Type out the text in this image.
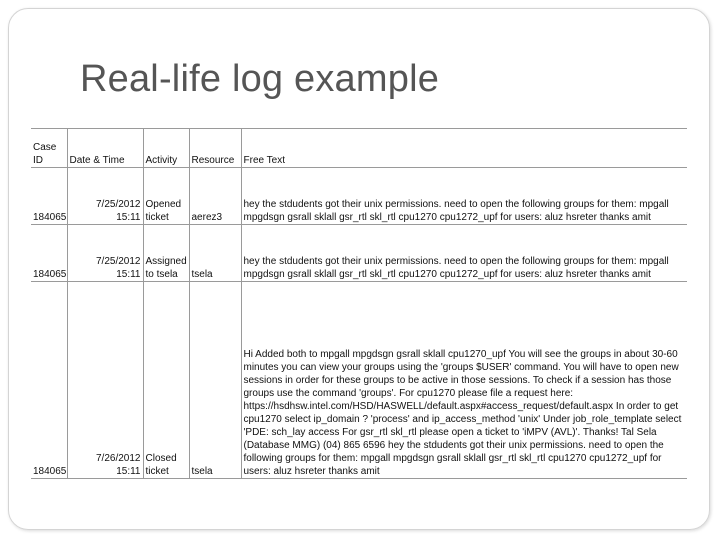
Real-life log example
Case ID	Date & Time	Activity	Resource	Free Text
184065	7/25/2012 15:11	Opened ticket	aerez3	hey the stdudents got their unix permissions. need to open the following groups for them: mpgall mpgdsgn gsrall sklall gsr_rtl skl_rtl cpu1270 cpu1272_upf for users: aluz hsreter thanks amit
184065	7/25/2012 15:11	Assigned to tsela	tsela	hey the stdudents got their unix permissions. need to open the following groups for them: mpgall mpgdsgn gsrall sklall gsr_rtl skl_rtl cpu1270 cpu1272_upf for users: aluz hsreter thanks amit
184065	7/26/2012 15:11	Closed ticket	tsela	Hi Added both to mpgall mpgdsgn gsrall sklall cpu1270_upf You will see the groups in about 30-60 minutes you can view your groups using the 'groups $USER' command. You will have to open new sessions in order for these groups to be active in those sessions. To check if a session has those groups use the command 'groups'. For cpu1270 please file a request here: https://hsdhsw.intel.com/HSD/HASWELL/default.aspx#access_request/default.aspx In order to get cpu1270 select ip_domain ? 'process' and ip_access_method 'unix' Under job_role_template select 'PDE: sch_lay access For gsr_rtl skl_rtl please open a ticket to 'iMPV (AVL)'. Thanks! Tal Sela (Database MMG) (04) 865 6596 hey the stdudents got their unix permissions. need to open the following groups for them: mpgall mpgdsgn gsrall sklall gsr_rtl skl_rtl cpu1270 cpu1272_upf for users: aluz hsreter thanks amit
